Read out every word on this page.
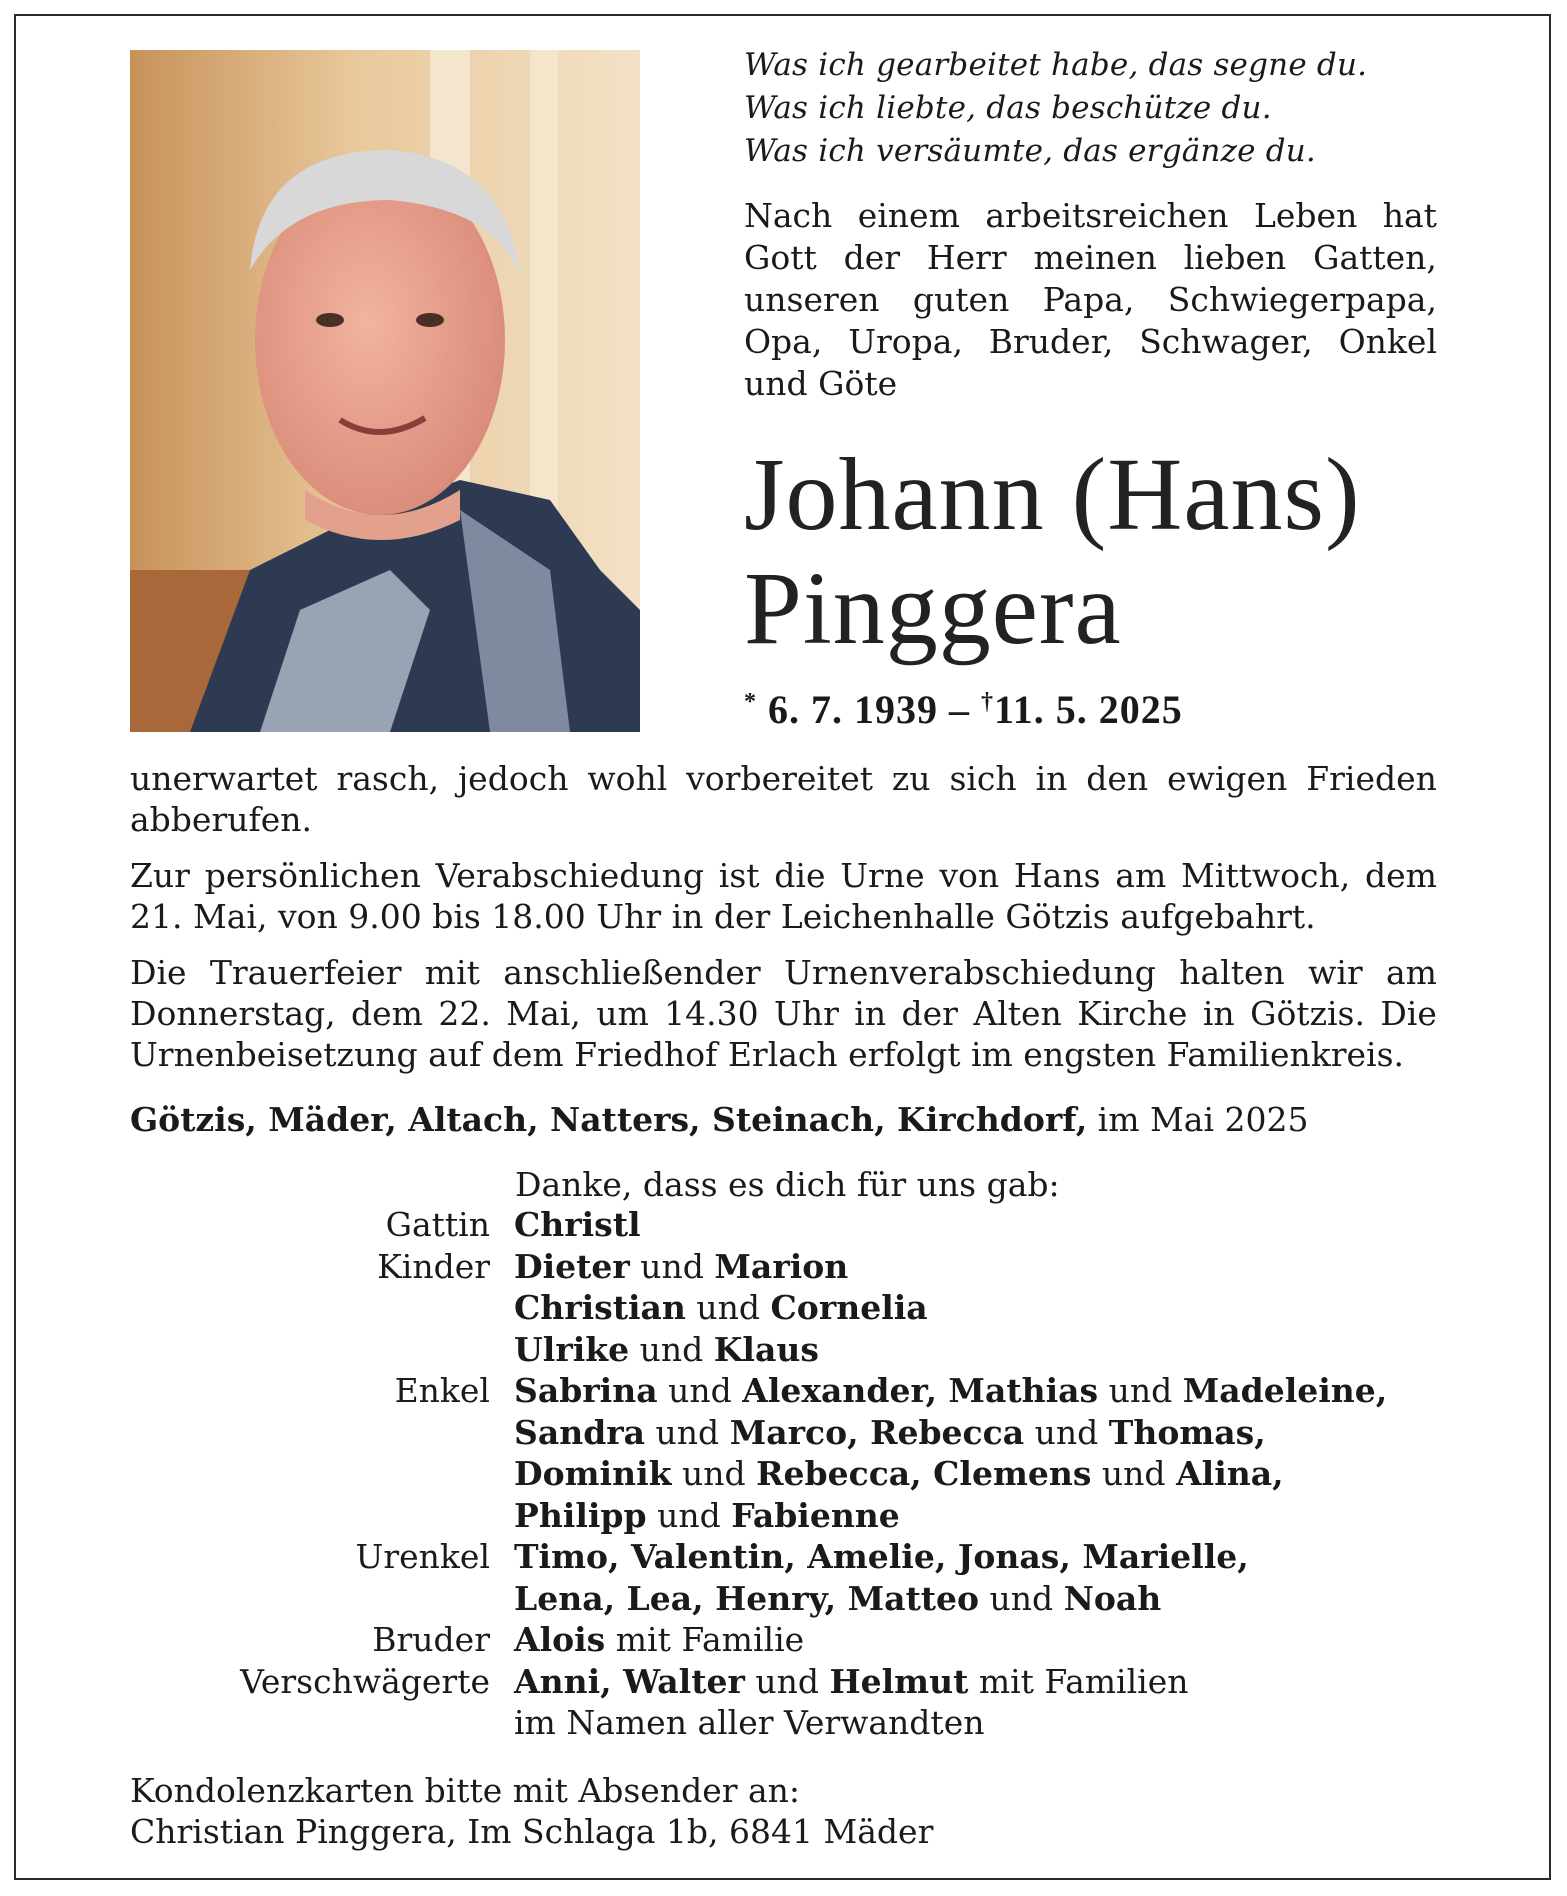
Was ich gearbeitet habe, das segne du.
Was ich liebte, das beschütze du.
Was ich versäumte, das ergänze du.
Nach einem arbeitsreichen Leben hat
Gott der Herr meinen lieben Gatten,
unseren guten Papa, Schwiegerpapa,
Opa, Uropa, Bruder, Schwager, Onkel
und Göte
Johann (Hans)
Pinggera
* 6. 7. 1939 – †11. 5. 2025
unerwartet rasch, jedoch wohl vorbereitet zu sich in den ewigen Frieden
abberufen.
Zur persönlichen Verabschiedung ist die Urne von Hans am Mittwoch, dem
21. Mai, von 9.00 bis 18.00 Uhr in der Leichenhalle Götzis aufgebahrt.
Die Trauerfeier mit anschließender Urnenverabschiedung halten wir am
Donnerstag, dem 22. Mai, um 14.30 Uhr in der Alten Kirche in Götzis. Die
Urnenbeisetzung auf dem Friedhof Erlach erfolgt im engsten Familienkreis.
Götzis, Mäder, Altach, Natters, Steinach, Kirchdorf, im Mai 2025
Danke, dass es dich für uns gab:
Gattin Christl
Kinder Dieter und Marion
Christian und Cornelia
Ulrike und Klaus
Enkel Sabrina und Alexander, Mathias und Madeleine,
Sandra und Marco, Rebecca und Thomas,
Dominik und Rebecca, Clemens und Alina,
Philipp und Fabienne
Urenkel Timo, Valentin, Amelie, Jonas, Marielle,
Lena, Lea, Henry, Matteo und Noah
Bruder Alois mit Familie
Verschwägerte Anni, Walter und Helmut mit Familien
im Namen aller Verwandten
Kondolenzkarten bitte mit Absender an:
Christian Pinggera, Im Schlaga 1b, 6841 Mäder
